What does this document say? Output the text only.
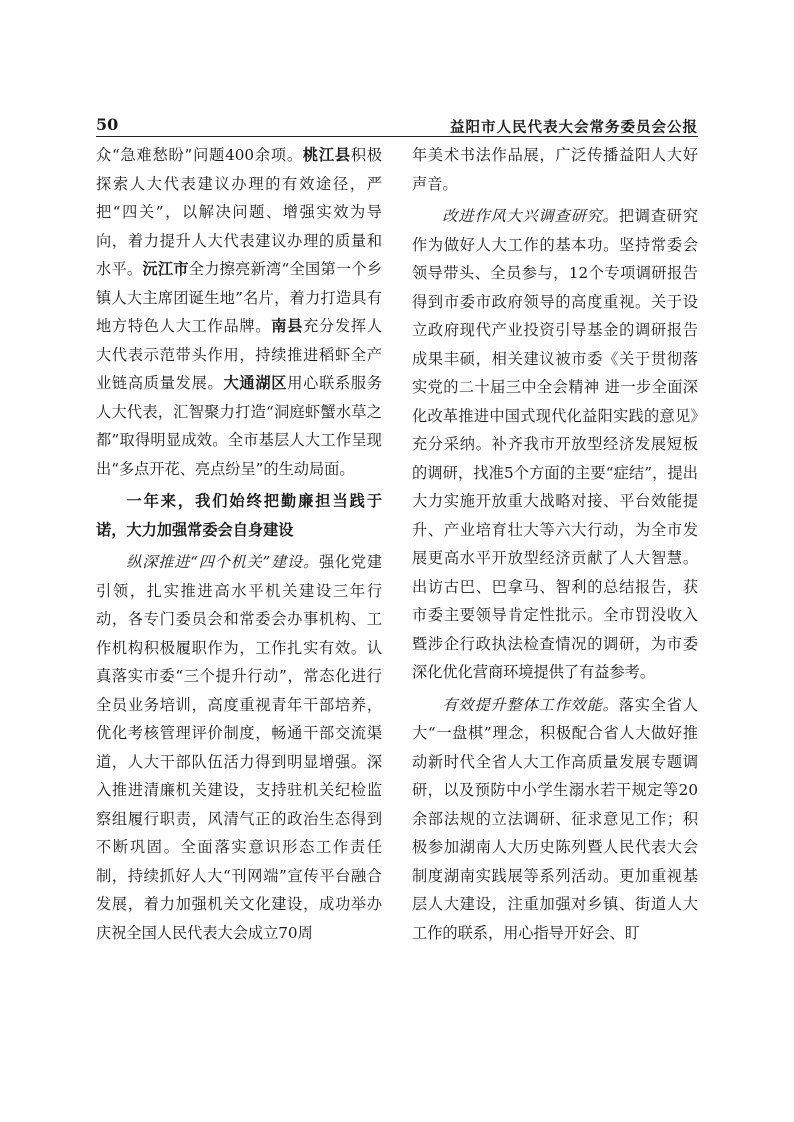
50	益阳市人民代表大会常务委员会公报

众“急难愁盼”问题400余项。桃江县积极探索人大代表建议办理的有效途径，严把“四关”，以解决问题、增强实效为导向，着力提升人大代表建议办理的质量和水平。沅江市全力擦亮新湾“全国第一个乡镇人大主席团诞生地”名片，着力打造具有地方特色人大工作品牌。南县充分发挥人大代表示范带头作用，持续推进稻虾全产业链高质量发展。大通湖区用心联系服务人大代表，汇智聚力打造“洞庭虾蟹水草之都”取得明显成效。全市基层人大工作呈现出“多点开花、亮点纷呈”的生动局面。

一年来，我们始终把勤廉担当践于诺，大力加强常委会自身建设

纵深推进“四个机关”建设。强化党建引领，扎实推进高水平机关建设三年行动，各专门委员会和常委会办事机构、工作机构积极履职作为，工作扎实有效。认真落实市委“三个提升行动”，常态化进行全员业务培训，高度重视青年干部培养，优化考核管理评价制度，畅通干部交流渠道，人大干部队伍活力得到明显增强。深入推进清廉机关建设，支持驻机关纪检监察组履行职责，风清气正的政治生态得到不断巩固。全面落实意识形态工作责任制，持续抓好人大“刊网端”宣传平台融合发展，着力加强机关文化建设，成功举办庆祝全国人民代表大会成立70周

年美术书法作品展，广泛传播益阳人大好声音。

改进作风大兴调查研究。把调查研究作为做好人大工作的基本功。坚持常委会领导带头、全员参与，12个专项调研报告得到市委市政府领导的高度重视。关于设立政府现代产业投资引导基金的调研报告成果丰硕，相关建议被市委《关于贯彻落实党的二十届三中全会精神 进一步全面深化改革推进中国式现代化益阳实践的意见》充分采纳。补齐我市开放型经济发展短板的调研，找准5个方面的主要“症结”，提出大力实施开放重大战略对接、平台效能提升、产业培育壮大等六大行动，为全市发展更高水平开放型经济贡献了人大智慧。出访古巴、巴拿马、智利的总结报告，获市委主要领导肯定性批示。全市罚没收入暨涉企行政执法检查情况的调研，为市委深化优化营商环境提供了有益参考。

有效提升整体工作效能。落实全省人大“一盘棋”理念，积极配合省人大做好推动新时代全省人大工作高质量发展专题调研，以及预防中小学生溺水若干规定等20余部法规的立法调研、征求意见工作；积极参加湖南人大历史陈列暨人民代表大会制度湖南实践展等系列活动。更加重视基层人大建设，注重加强对乡镇、街道人大工作的联系，用心指导开好会、盯
